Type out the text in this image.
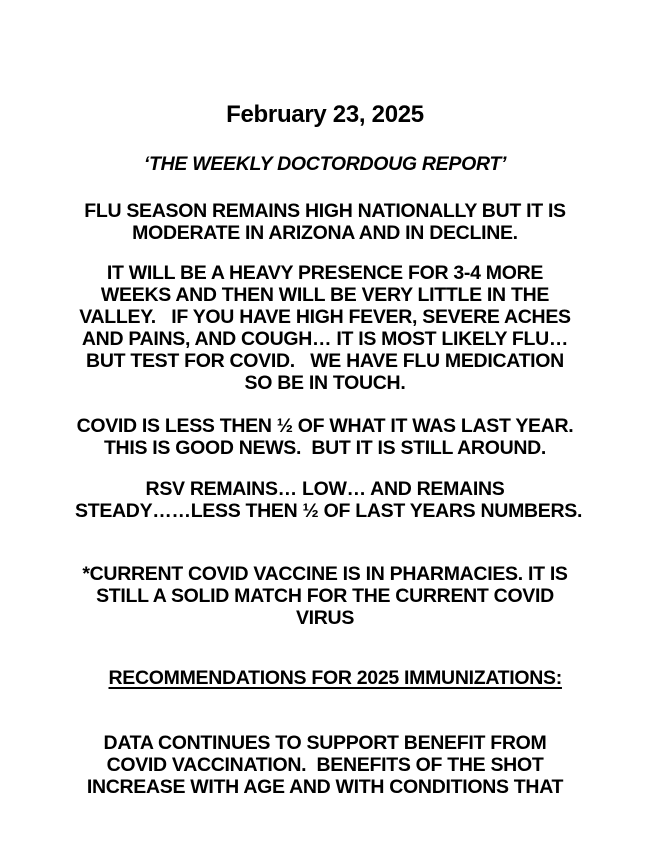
February 23, 2025
‘THE WEEKLY DOCTORDOUG REPORT’
FLU SEASON REMAINS HIGH NATIONALLY BUT IT IS
MODERATE IN ARIZONA AND IN DECLINE.
IT WILL BE A HEAVY PRESENCE FOR 3-4 MORE
WEEKS AND THEN WILL BE VERY LITTLE IN THE
VALLEY.   IF YOU HAVE HIGH FEVER, SEVERE ACHES
AND PAINS, AND COUGH… IT IS MOST LIKELY FLU…
BUT TEST FOR COVID.   WE HAVE FLU MEDICATION
SO BE IN TOUCH.
COVID IS LESS THEN ½ OF WHAT IT WAS LAST YEAR.
THIS IS GOOD NEWS.  BUT IT IS STILL AROUND.
RSV REMAINS… LOW… AND REMAINS
STEADY……LESS THEN ½ OF LAST YEARS NUMBERS.
*CURRENT COVID VACCINE IS IN PHARMACIES. IT IS
STILL A SOLID MATCH FOR THE CURRENT COVID
VIRUS

RECOMMENDATIONS FOR 2025 IMMUNIZATIONS:

DATA CONTINUES TO SUPPORT BENEFIT FROM
COVID VACCINATION.  BENEFITS OF THE SHOT
INCREASE WITH AGE AND WITH CONDITIONS THAT
